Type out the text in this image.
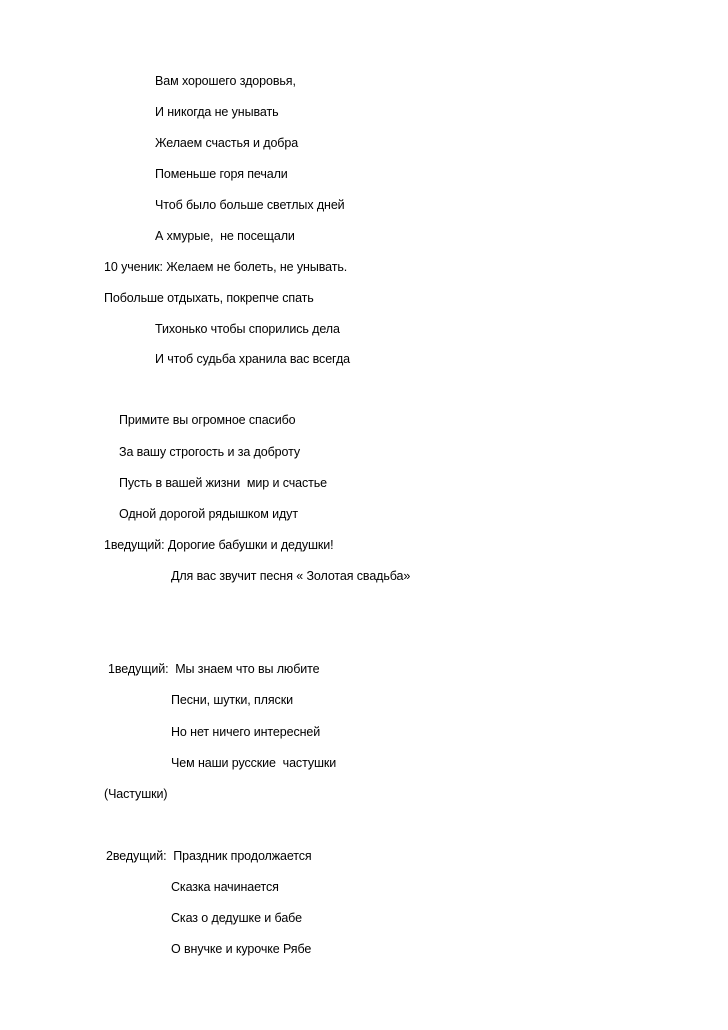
Вам хорошего здоровья,
И никогда не унывать
Желаем счастья и добра
Поменьше горя печали
Чтоб было больше светлых дней
А хмурые,  не посещали
10 ученик: Желаем не болеть, не унывать.
Побольше отдыхать, покрепче спать
Тихонько чтобы спорились дела
И чтоб судьба хранила вас всегда
Примите вы огромное спасибо
За вашу строгость и за доброту
Пусть в вашей жизни  мир и счастье
Одной дорогой рядышком идут
1ведущий: Дорогие бабушки и дедушки!
Для вас звучит песня « Золотая свадьба»
1ведущий:  Мы знаем что вы любите
Песни, шутки, пляски
Но нет ничего интересней
Чем наши русские  частушки
(Частушки)
2ведущий:  Праздник продолжается
Сказка начинается
Сказ о дедушке и бабе
О внучке и курочке Рябе
